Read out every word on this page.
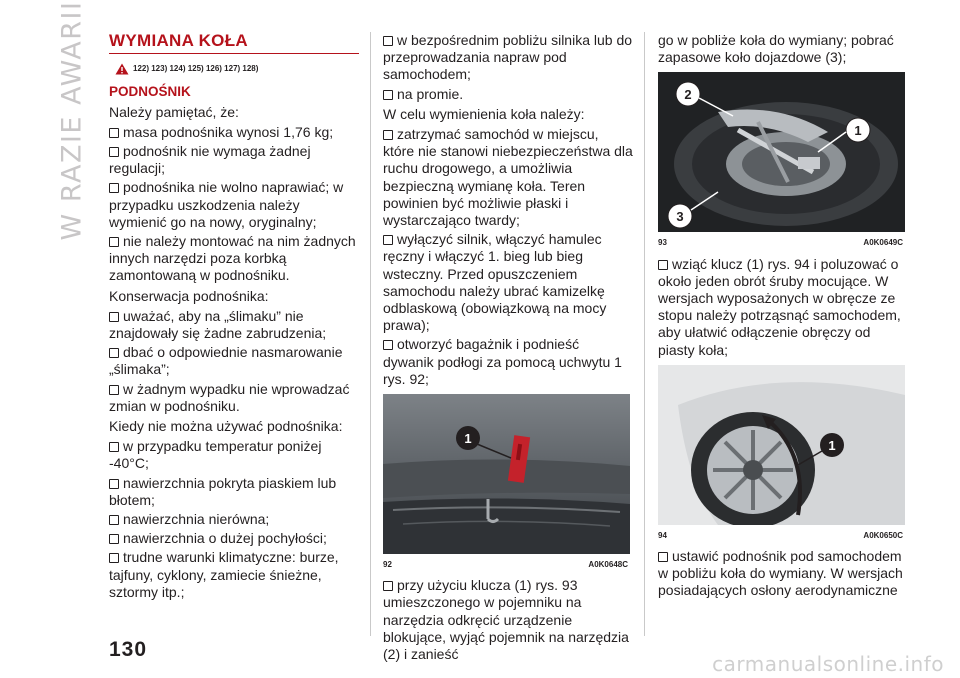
W RAZIE AWARII WYMIANA KOŁA
122) 123) 124) 125) 126) 127) 128)
PODNOŚNIK

Należy pamiętać, że:

masa podnośnika wynosi 1,76 kg;
podnośnik nie wymaga żadnej regulacji;
podnośnika nie wolno naprawiać; w przypadku uszkodzenia należy wymienić go na nowy, oryginalny;
nie należy montować na nim żadnych innych narzędzi poza korbką zamontowaną w podnośniku.

Konserwacja podnośnika:

uważać, aby na „ślimaku” nie znajdowały się żadne zabrudzenia;
dbać o odpowiednie nasmarowanie „ślimaka”;
w żadnym wypadku nie wprowadzać zmian w podnośniku.

Kiedy nie można używać podnośnika:

w przypadku temperatur poniżej -40°C;
nawierzchnia pokryta piaskiem lub błotem;
nawierzchnia nierówna;
nawierzchnia o dużej pochyłości;
trudne warunki klimatyczne: burze, tajfuny, cyklony, zamiecie śnieżne, sztormy itp.;
w bezpośrednim pobliżu silnika lub do przeprowadzania napraw pod samochodem;
na promie.

W celu wymienienia koła należy:

zatrzymać samochód w miejscu, które nie stanowi niebezpieczeństwa dla ruchu drogowego, a umożliwia bezpieczną wymianę koła. Teren powinien być możliwie płaski i wystarczająco twardy;
wyłączyć silnik, włączyć hamulec ręczny i włączyć 1. bieg lub bieg wsteczny. Przed opuszczeniem samochodu należy ubrać kamizelkę odblaskową (obowiązkową na mocy prawa);
otworzyć bagażnik i podnieść dywanik podłogi za pomocą uchwytu 1 rys. 92;
1
92	A0K0648C
przy użyciu klucza (1) rys. 93 umieszczonego w pojemniku na narzędzia odkręcić urządzenie blokujące, wyjąć pojemnik na narzędzia (2) i zanieść

go w pobliże koła do wymiany; pobrać zapasowe koło dojazdowe (3);

2
1
3
93	A0K0649C
wziąć klucz (1) rys. 94 i poluzować o około jeden obrót śruby mocujące. W wersjach wyposażonych w obręcze ze stopu należy potrząsnąć samochodem, aby ułatwić odłączenie obręczy od piasty koła;
1
94	A0K0650C
ustawić podnośnik pod samochodem w pobliżu koła do wymiany. W wersjach posiadających osłony aerodynamiczne
130
carmanualsonline.info
